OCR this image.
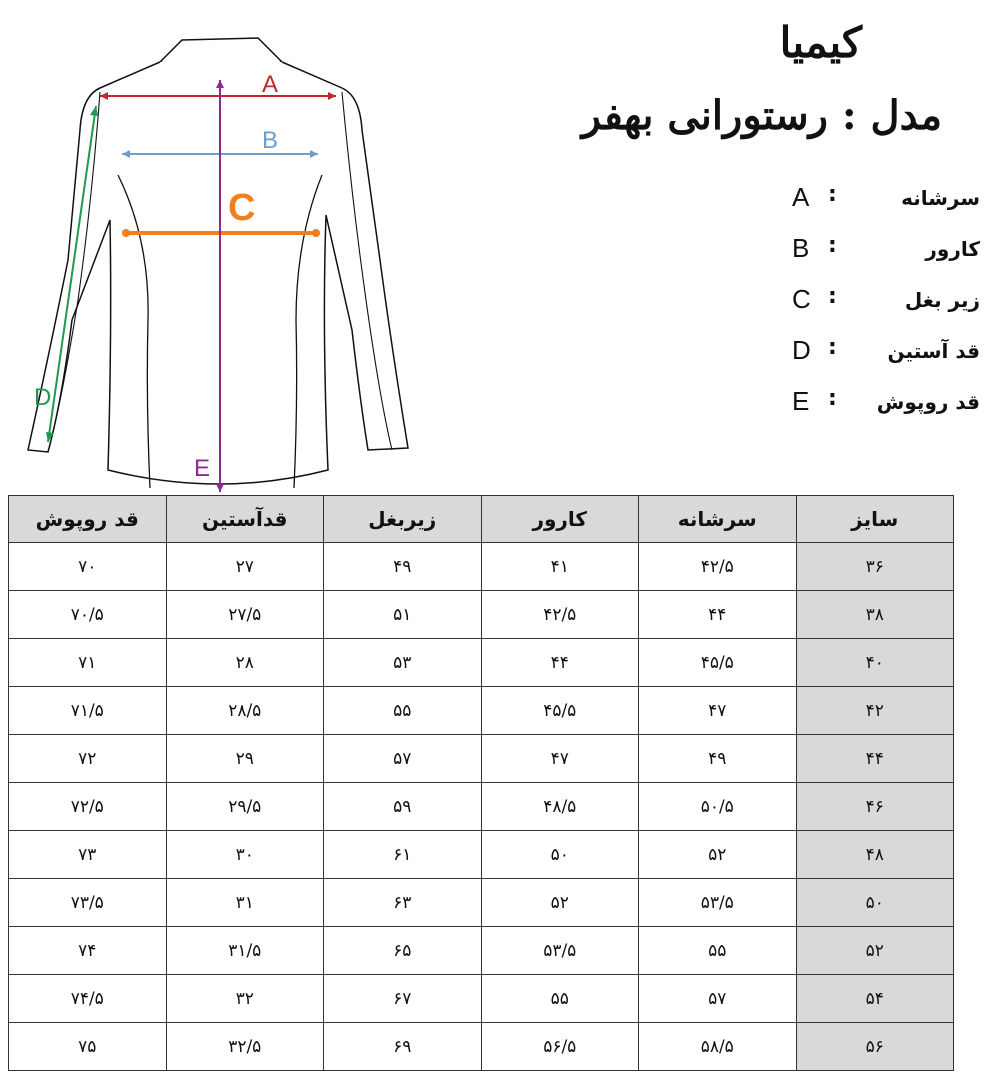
A
B
C
E
D
کیمیا
مدل : رستورانی بهفر
A :	سرشانه
B :	کارور
C :	زیر بغل
D :	قد آستین
E : قد روپوش
قد روپوش	قدآستین	زیربغل	کارور	سرشانه	سایز
۷۰	۲۷	۴۹	۴۱	۴۲/۵	۳۶
۷۰/۵	۲۷/۵	۵۱	۴۲/۵	۴۴	۳۸
۷۱	۲۸	۵۳	۴۴	۴۵/۵	۴۰
۷۱/۵	۲۸/۵	۵۵	۴۵/۵	۴۷	۴۲
۷۲	۲۹	۵۷	۴۷	۴۹	۴۴
۷۲/۵	۲۹/۵	۵۹	۴۸/۵	۵۰/۵	۴۶
۷۳	۳۰	۶۱	۵۰	۵۲	۴۸
۷۳/۵	۳۱	۶۳	۵۲	۵۳/۵	۵۰
۷۴	۳۱/۵	۶۵	۵۳/۵	۵۵	۵۲
۷۴/۵	۳۲	۶۷	۵۵	۵۷	۵۴
۷۵	۳۲/۵	۶۹	۵۶/۵	۵۸/۵	۵۶
